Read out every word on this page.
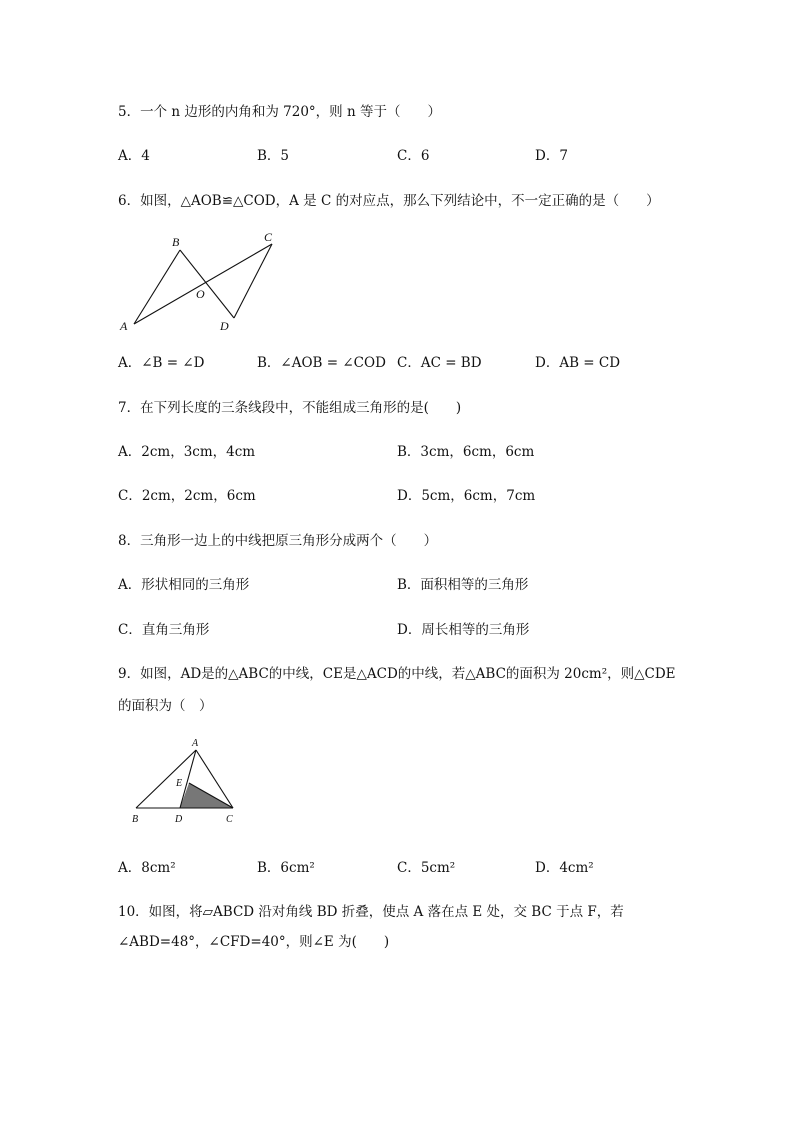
5．一个 n 边形的内角和为 720°，则 n 等于（　　）
A．4	B．5	C．6	D．7
6．如图，△AOB≌△COD，A 是 C 的对应点，那么下列结论中，不一定正确的是（　　）
B	C
O
A	D
A．∠B = ∠D	B．∠AOB = ∠COD C．AC = BD	D．AB = CD
7．在下列长度的三条线段中，不能组成三角形的是(　　)
A．2cm，3cm，4cm	B．3cm，6cm，6cm
C．2cm，2cm，6cm	D．5cm，6cm，7cm
8．三角形一边上的中线把原三角形分成两个（　　）
A．形状相同的三角形	B．面积相等的三角形
C．直角三角形	D．周长相等的三角形
9．如图，AD是的△ABC的中线，CE是△ACD的中线，若△ABC的面积为 20cm²，则△CDE
的面积为（　）
A
E
B	D	C
A．8cm²	B．6cm²	C．5cm²	D．4cm²
10．如图，将▱ABCD 沿对角线 BD 折叠，使点 A 落在点 E 处，交 BC 于点 F，若
∠ABD=48°，∠CFD=40°，则∠E 为(　　)
